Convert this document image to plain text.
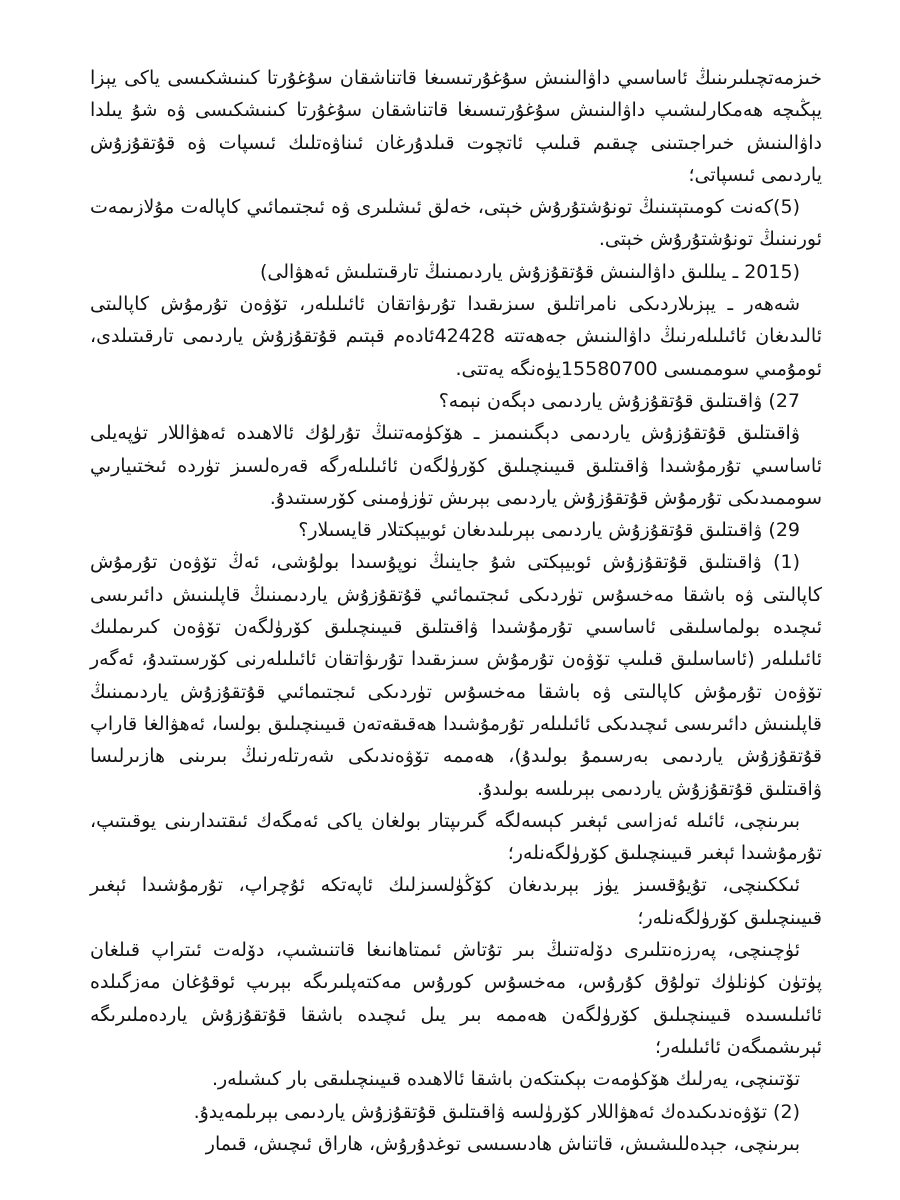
خىزمەتچىلىرىنىڭ ئاساسىي داۋالىنىش سۇغۇرتىسىغا قاتناشقان سۇغۇرتا كىنىشكىسى ياكى يېزا يېڭىچە ھەمكارلىشىپ داۋالىنىش سۇغۇرتىسىغا قاتناشقان سۇغۇرتا كىنىشكىسى ۋە شۇ يىلدا داۋالىنىش خىراجىتىنى چىقىم قىلىپ ئاتچوت قىلدۇرغان ئىناۋەتلىك ئىسپات ۋە قۇتقۇزۇش ياردىمى ئىسپاتى؛

(5)كەنت كومىتېتىنىڭ تونۇشتۇرۇش خېتى، خەلق ئىشلىرى ۋە ئىجتىمائىي كاپالەت مۇلازىمەت ئورنىنىڭ تونۇشتۇرۇش خېتى.

(2015 ـ يىللىق داۋالىنىش قۇتقۇزۇش ياردىمىنىڭ تارقىتىلىش ئەھۋالى)

شەھەر ـ يېزىلاردىكى نامراتلىق سىزىقىدا تۇرىۋاتقان ئائىلىلەر، تۆۋەن تۇرمۇش كاپالىتى ئالىدىغان ئائىلىلەرنىڭ داۋالىنىش جەھەتتە 42428ئادەم قېتىم قۇتقۇزۇش ياردىمى تارقىتىلدى، ئومۇمىي سوممىسى 15580700يۈەنگە يەتتى.

27) ۋاقىتلىق قۇتقۇزۇش ياردىمى دېگەن نېمە؟

ۋاقىتلىق قۇتقۇزۇش ياردىمى دېگىنىمىز ـ ھۆكۈمەتنىڭ تۇرلۇك ئالاھىدە ئەھۋاللار تۈپەيلى ئاساسىي تۇرمۇشىدا ۋاقىتلىق قىيىنچىلىق كۆرۈلگەن ئائىلىلەرگە قەرەلسىز تۈردە ئىختىيارىي سوممىدىكى تۇرمۇش قۇتقۇزۇش ياردىمى بېرىش تۈزۈمىنى كۆرسىتىدۇ.

29) ۋاقىتلىق قۇتقۇزۇش ياردىمى بېرىلىدىغان ئوبيېكتلار قايسىلار؟

(1) ۋاقىتلىق قۇتقۇزۇش ئوبيېكتى شۇ جاينىڭ نوپۇسىدا بولۇشى، ئەڭ تۆۋەن تۇرمۇش كاپالىتى ۋە باشقا مەخسۇس تۈردىكى ئىجتىمائىي قۇتقۇزۇش ياردىمىنىڭ قاپلىنىش دائىرىسى ئىچىدە بولماسلىقى ئاساسىي تۇرمۇشىدا ۋاقىتلىق قىيىنچىلىق كۆرۈلگەن تۆۋەن كىرىملىك ئائىلىلەر (ئاساسلىق قىلىپ تۆۋەن تۇرمۇش سىزىقىدا تۇرىۋاتقان ئائىلىلەرنى كۆرسىتىدۇ، ئەگەر تۆۋەن تۇرمۇش كاپالىتى ۋە باشقا مەخسۇس تۈردىكى ئىجتىمائىي قۇتقۇزۇش ياردىمىنىڭ قاپلىنىش دائىرىسى ئىچىدىكى ئائىلىلەر تۇرمۇشىدا ھەقىقەتەن قىيىنچىلىق بولسا، ئەھۋالغا قاراپ قۇتقۇزۇش ياردىمى بەرسىمۇ بولىدۇ)، ھەممە تۆۋەندىكى شەرتلەرنىڭ بىرىنى ھازىرلىسا ۋاقىتلىق قۇتقۇزۇش ياردىمى بېرىلسە بولىدۇ.

بىرىنچى، ئائىلە ئەزاسى ئېغىر كېسەلگە گىرىپتار بولغان ياكى ئەمگەك ئىقتىدارىنى يوقىتىپ، تۇرمۇشىدا ئېغىر قىيىنچىلىق كۆرۈلگەنلەر؛

ئىككىنچى، تۇيۇقسىز يۈز بېرىدىغان كۆڭۈلسىزلىك ئاپەتكە ئۇچراپ، تۇرمۇشىدا ئېغىر قىيىنچىلىق كۆرۈلگەنلەر؛

ئۈچىنچى، پەرزەنتلىرى دۆلەتنىڭ بىر تۇتاش ئىمتاھانىغا قاتنىشىپ، دۆلەت ئىتراپ قىلغان پۈتۈن كۈنلۈك تولۇق كۇرۇس، مەخسۇس كورۇس مەكتەپلىرىگە بېرىپ ئوقۇغان مەزگىلدە ئائىلىسىدە قىيىنچىلىق كۆرۈلگەن ھەممە بىر يىل ئىچىدە باشقا قۇتقۇزۇش ياردەملىرىگە ئېرىشمىگەن ئائىلىلەر؛

تۆتىنچى، يەرلىك ھۆكۈمەت بېكىتكەن باشقا ئالاھىدە قىيىنچىلىقى بار كىشىلەر.

(2) تۆۋەندىكىدەك ئەھۋاللار كۆرۈلسە ۋاقىتلىق قۇتقۇزۇش ياردىمى بېرىلمەيدۇ.

بىرىنچى، جېدەللىشىش، قاتناش ھادىسىسى توغدۇرۇش، ھاراق ئىچىش، قىمار
